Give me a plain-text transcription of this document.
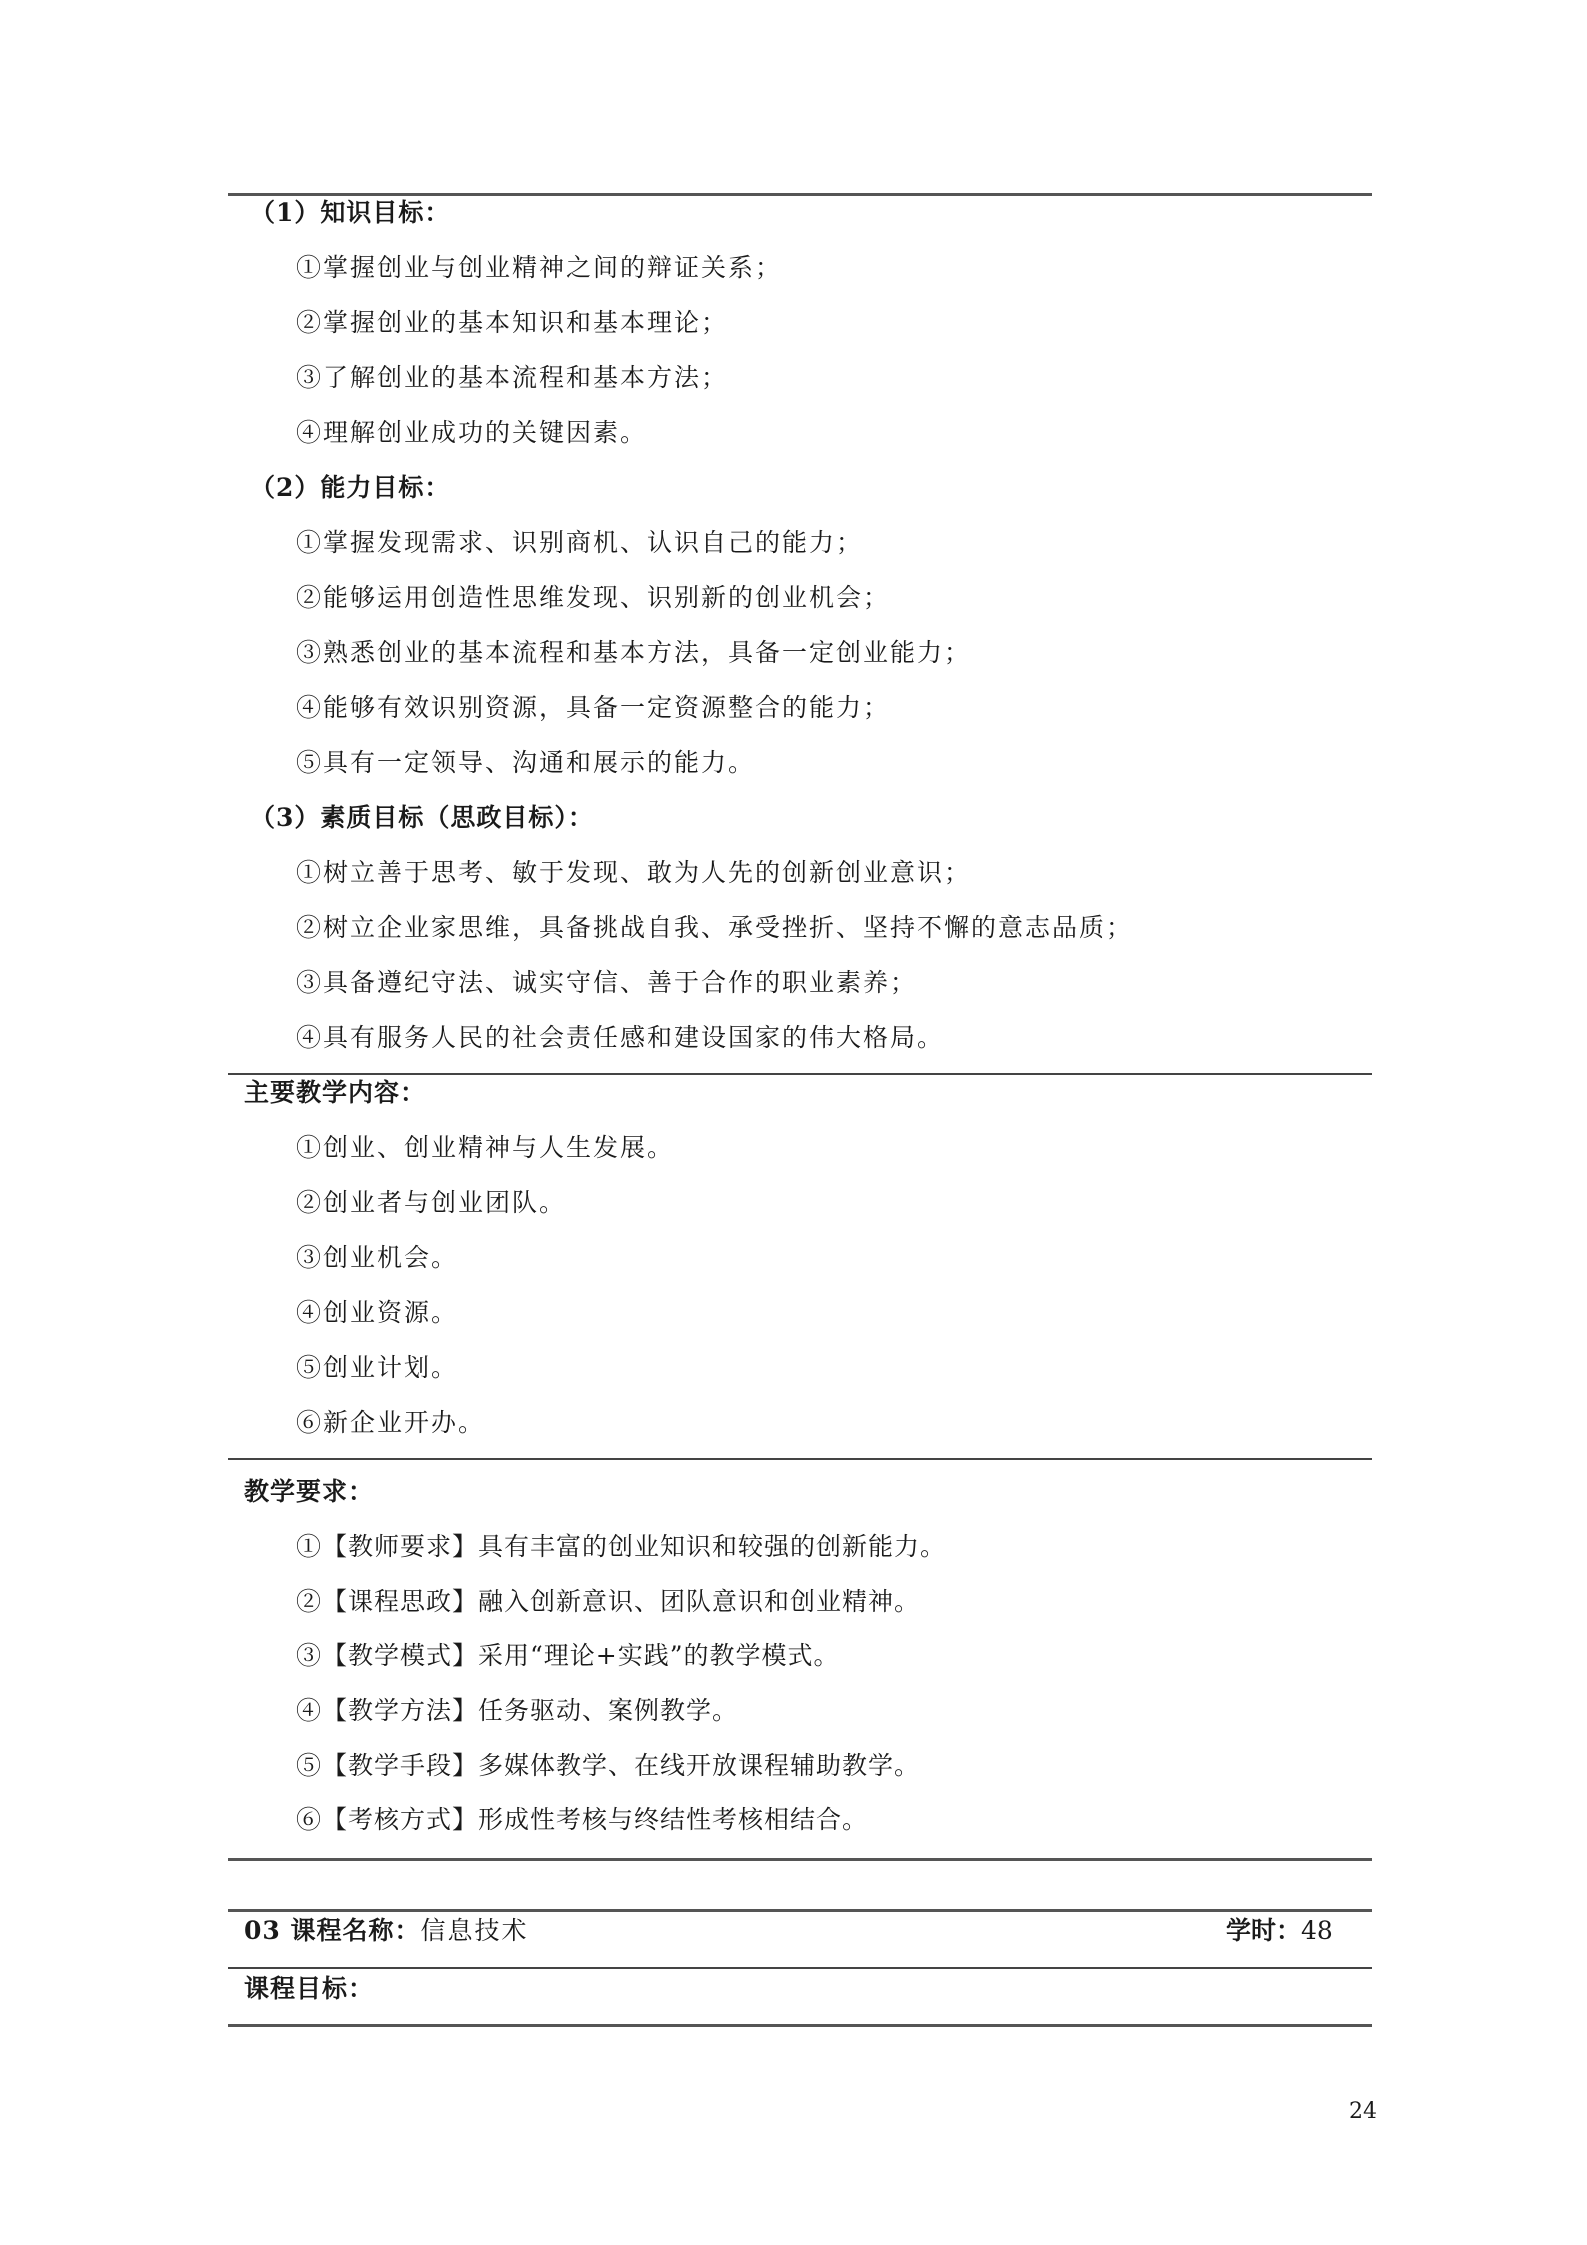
（1）知识目标：
①掌握创业与创业精神之间的辩证关系；
②掌握创业的基本知识和基本理论；
③了解创业的基本流程和基本方法；
④理解创业成功的关键因素。
（2）能力目标：
①掌握发现需求、识别商机、认识自己的能力；
②能够运用创造性思维发现、识别新的创业机会；
③熟悉创业的基本流程和基本方法，具备一定创业能力；
④能够有效识别资源，具备一定资源整合的能力；
⑤具有一定领导、沟通和展示的能力。
（3）素质目标（思政目标）：
①树立善于思考、敏于发现、敢为人先的创新创业意识；
②树立企业家思维，具备挑战自我、承受挫折、坚持不懈的意志品质；
③具备遵纪守法、诚实守信、善于合作的职业素养；
④具有服务人民的社会责任感和建设国家的伟大格局。
主要教学内容：
①创业、创业精神与人生发展。
②创业者与创业团队。
③创业机会。
④创业资源。
⑤创业计划。
⑥新企业开办。
教学要求：
①【教师要求】具有丰富的创业知识和较强的创新能力。
②【课程思政】融入创新意识、团队意识和创业精神。
③【教学模式】采用“理论+实践”的教学模式。
④【教学方法】任务驱动、案例教学。
⑤【教学手段】多媒体教学、在线开放课程辅助教学。
⑥【考核方式】形成性考核与终结性考核相结合。
03 课程名称：信息技术	学时：48
课程目标：
24
